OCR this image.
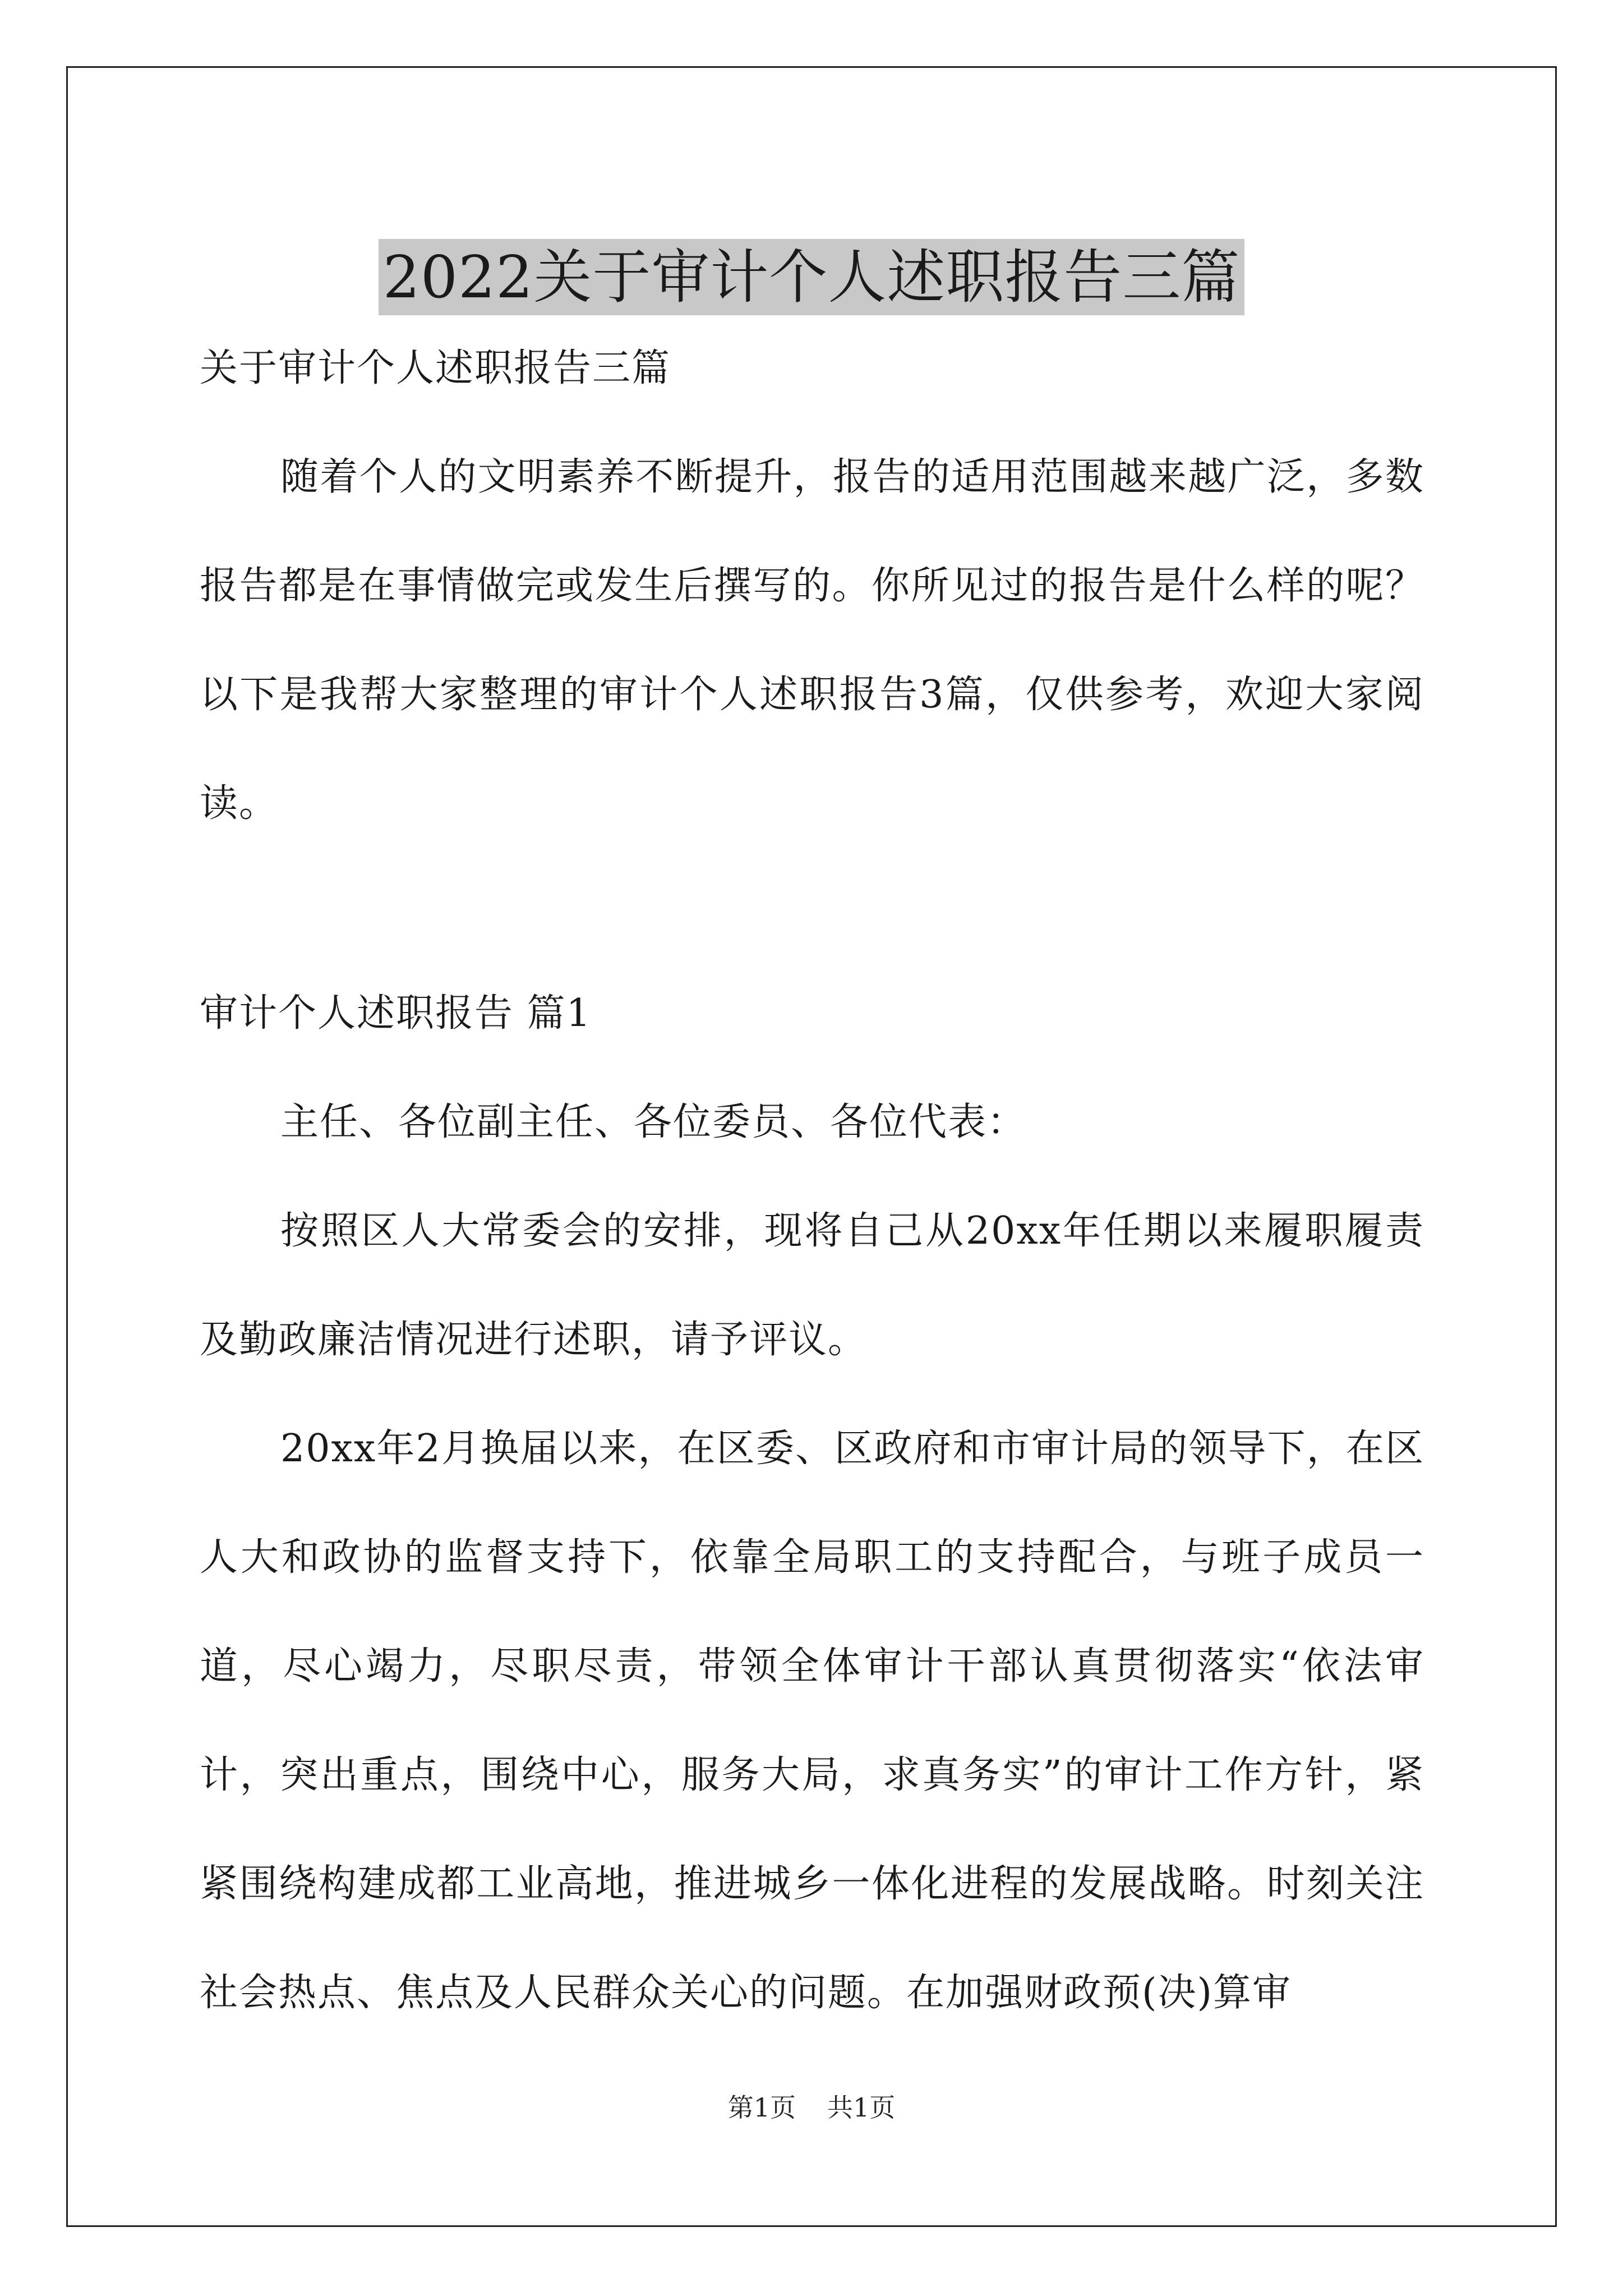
2022关于审计个人述职报告三篇

关于审计个人述职报告三篇

随着个人的文明素养不断提升，报告的适用范围越来越广泛，多数报告都是在事情做完或发生后撰写的。你所见过的报告是什么样的呢？以下是我帮大家整理的审计个人述职报告3篇，仅供参考，欢迎大家阅读。

审计个人述职报告 篇1

主任、各位副主任、各位委员、各位代表：

按照区人大常委会的安排，现将自己从20xx年任期以来履职履责及勤政廉洁情况进行述职，请予评议。

20xx年2月换届以来，在区委、区政府和市审计局的领导下，在区人大和政协的监督支持下，依靠全局职工的支持配合，与班子成员一道，尽心竭力，尽职尽责，带领全体审计干部认真贯彻落实“依法审计，突出重点，围绕中心，服务大局，求真务实”的审计工作方针，紧紧围绕构建成都工业高地，推进城乡一体化进程的发展战略。时刻关注社会热点、焦点及人民群众关心的问题。在加强财政预(决)算审

第1页 共1页
